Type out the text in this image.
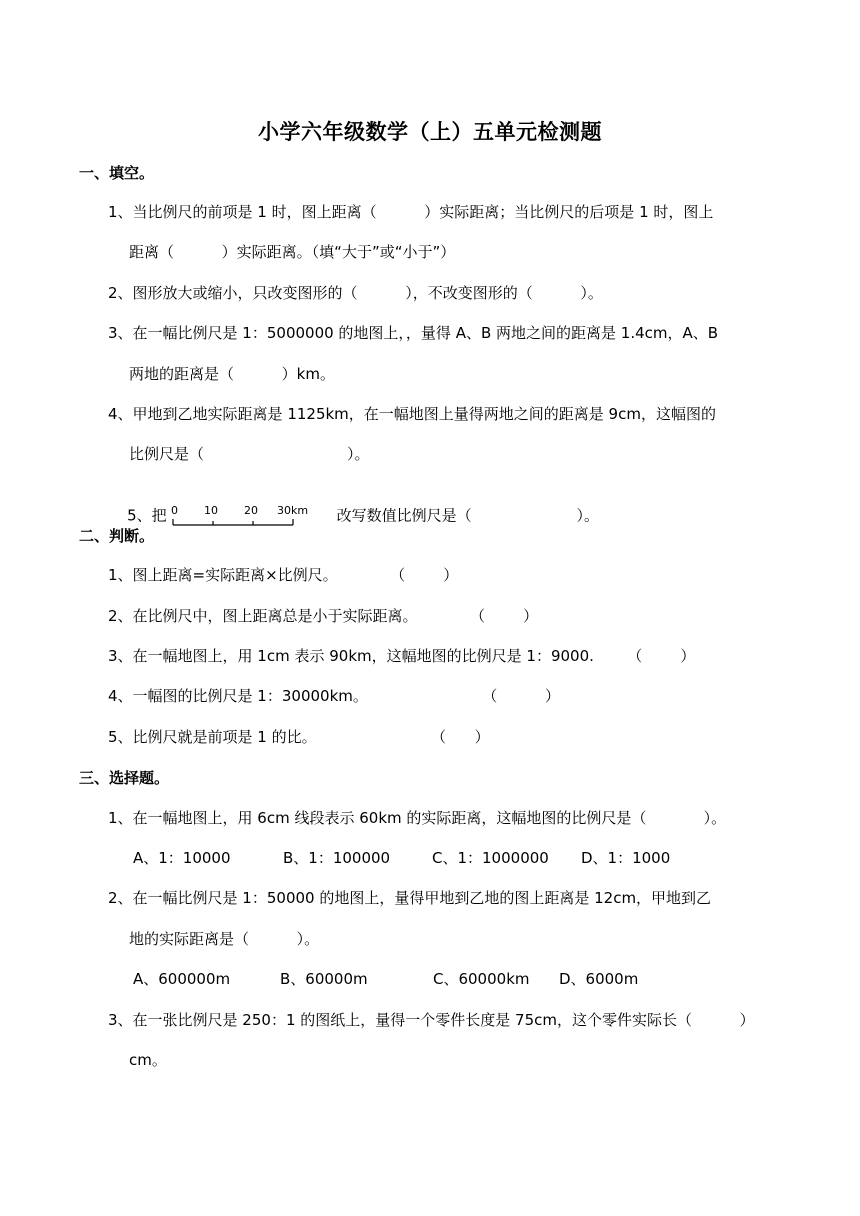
小学六年级数学（上）五单元检测题
一、填空。
1、当比例尺的前项是 1 时，图上距离（          ）实际距离；当比例尺的后项是 1 时，图上
距离（          ）实际距离。（填“大于”或“小于”）
2、图形放大或缩小，只改变图形的（          ），不改变图形的（          ）。
3、在一幅比例尺是 1：5000000 的地图上，，量得 A、B 两地之间的距离是 1.4cm，A、B
两地的距离是（          ）km。
4、甲地到乙地实际距离是 1125km，在一幅地图上量得两地之间的距离是 9cm，这幅图的
比例尺是（                              ）。

5、把 0 10 20 30km 改写数值比例尺是（                      ）。

二、判断。
1、图上距离=实际距离×比例尺。           （        ）
2、在比例尺中，图上距离总是小于实际距离。           （        ）
3、在一幅地图上，用 1cm 表示 90km，这幅地图的比例尺是 1：9000.       （        ）
4、一幅图的比例尺是 1：30000km。                        （          ）
5、比例尺就是前项是 1 的比。                        （      ）
三、选择题。
1、在一幅地图上，用 6cm 线段表示 60km 的实际距离，这幅地图的比例尺是（            ）。
A、1：10000	B、1：100000	C、1：1000000	D、1：1000
2、在一幅比例尺是 1：50000 的地图上，量得甲地到乙地的图上距离是 12cm，甲地到乙
地的实际距离是（          ）。
A、600000m	B、60000m	C、60000km	D、6000m
3、在一张比例尺是 250：1 的图纸上，量得一个零件长度是 75cm，这个零件实际长（          ）
cm。
